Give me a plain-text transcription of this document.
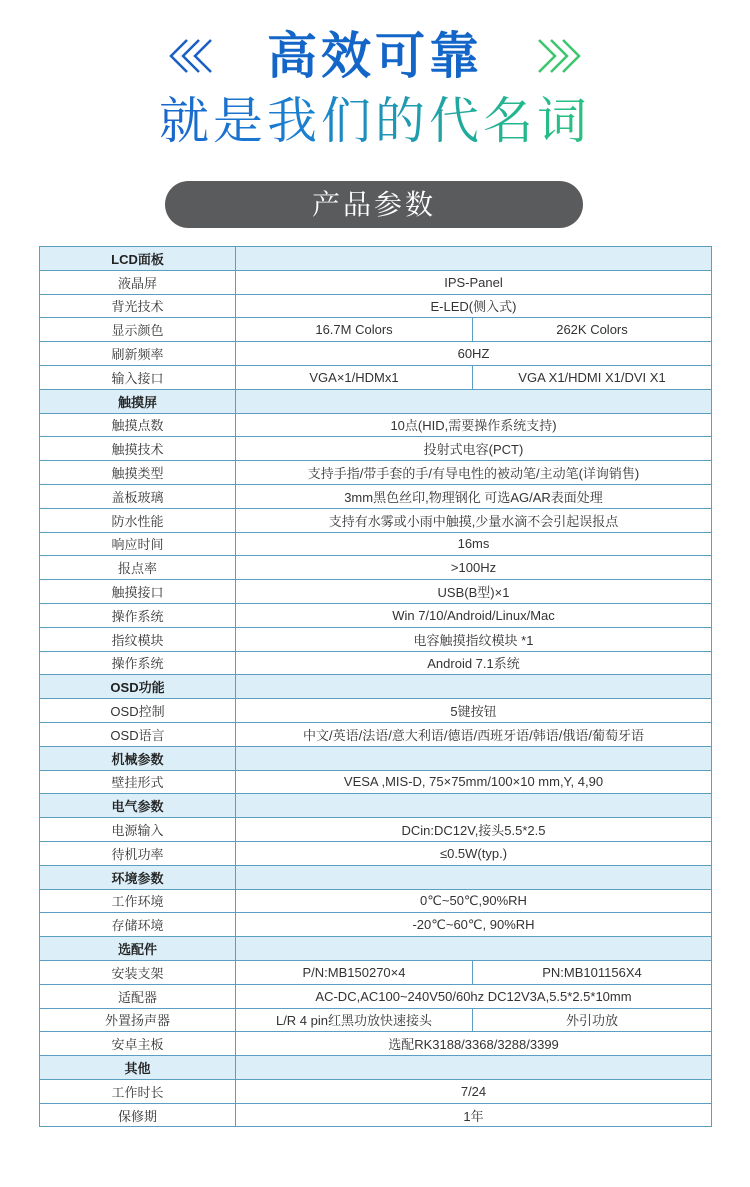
高效可靠
就是我们的代名词
产品参数
LCD面板		
液晶屏	IPS-Panel	
背光技术	E-LED(侧入式)	
显示颜色	16.7M Colors	262K Colors
刷新频率	60HZ	
输入接口	VGA×1/HDMx1	VGA X1/HDMI X1/DVI X1
触摸屏		
触摸点数	10点(HID,需要操作系统支持)	
触摸技术	投射式电容(PCT)	
触摸类型	支持手指/带手套的手/有导电性的被动笔/主动笔(详询销售)	
盖板玻璃	3mm黑色丝印,物理钢化 可选AG/AR表面处理	
防水性能	支持有水雾或小雨中触摸,少量水滴不会引起误报点	
响应时间	16ms	
报点率	>100Hz	
触摸接口	USB(B型)×1	
操作系统	Win 7/10/Android/Linux/Mac	
指纹模块	电容触摸指纹模块 *1	
操作系统	Android 7.1系统	
OSD功能		
OSD控制	5键按钮	
OSD语言	中文/英语/法语/意大利语/德语/西班牙语/韩语/俄语/葡萄牙语	
机械参数		
壁挂形式	VESA ,MIS-D, 75×75mm/100×10 mm,Y, 4,90	
电气参数		
电源输入	DCin:DC12V,接头5.5*2.5	
待机功率	≤0.5W(typ.)	
环境参数		
工作环境	0℃~50℃,90%RH	
存储环境	-20℃~60℃, 90%RH	
选配件		
安装支架	P/N:MB150270×4	PN:MB101156X4
适配器	AC-DC,AC100~240V50/60hz DC12V3A,5.5*2.5*10mm	
外置扬声器	L/R 4 pin红黑功放快速接头	外引功放
安卓主板	选配RK3188/3368/3288/3399	
其他		
工作时长	7/24	
保修期	1年	
